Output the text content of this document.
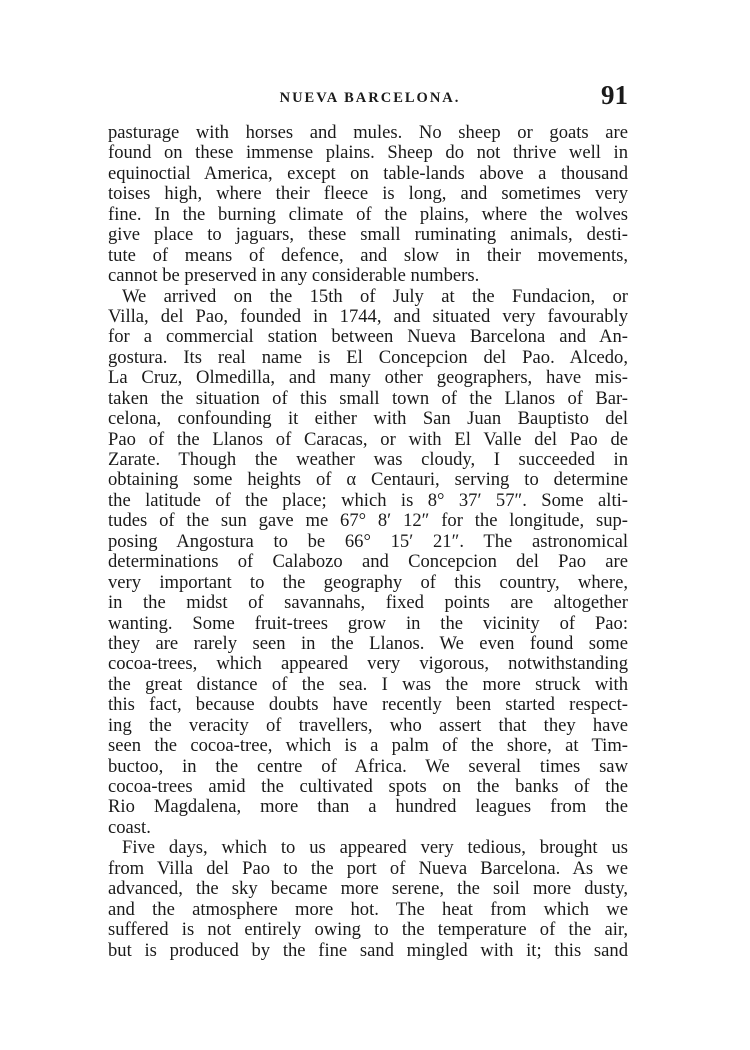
NUEVA BARCELONA.	91
pasturage with horses and mules. No sheep or goats are
found on these immense plains. Sheep do not thrive well in
equinoctial America, except on table-lands above a thousand
toises high, where their fleece is long, and sometimes very
fine. In the burning climate of the plains, where the wolves
give place to jaguars, these small ruminating animals, desti-
tute of means of defence, and slow in their movements,
cannot be preserved in any considerable numbers.
We arrived on the 15th of July at the Fundacion, or
Villa, del Pao, founded in 1744, and situated very favourably
for a commercial station between Nueva Barcelona and An-
gostura. Its real name is El Concepcion del Pao. Alcedo,
La Cruz, Olmedilla, and many other geographers, have mis-
taken the situation of this small town of the Llanos of Bar-
celona, confounding it either with San Juan Bauptisto del
Pao of the Llanos of Caracas, or with El Valle del Pao de
Zarate. Though the weather was cloudy, I succeeded in
obtaining some heights of α Centauri, serving to determine
the latitude of the place; which is 8° 37′ 57″. Some alti-
tudes of the sun gave me 67° 8′ 12″ for the longitude, sup-
posing Angostura to be 66° 15′ 21″. The astronomical
determinations of Calabozo and Concepcion del Pao are
very important to the geography of this country, where,
in the midst of savannahs, fixed points are altogether
wanting. Some fruit-trees grow in the vicinity of Pao:
they are rarely seen in the Llanos. We even found some
cocoa-trees, which appeared very vigorous, notwithstanding
the great distance of the sea. I was the more struck with
this fact, because doubts have recently been started respect-
ing the veracity of travellers, who assert that they have
seen the cocoa-tree, which is a palm of the shore, at Tim-
buctoo, in the centre of Africa. We several times saw
cocoa-trees amid the cultivated spots on the banks of the
Rio Magdalena, more than a hundred leagues from the
coast.
Five days, which to us appeared very tedious, brought us
from Villa del Pao to the port of Nueva Barcelona. As we
advanced, the sky became more serene, the soil more dusty,
and the atmosphere more hot. The heat from which we
suffered is not entirely owing to the temperature of the air,
but is produced by the fine sand mingled with it; this sand
